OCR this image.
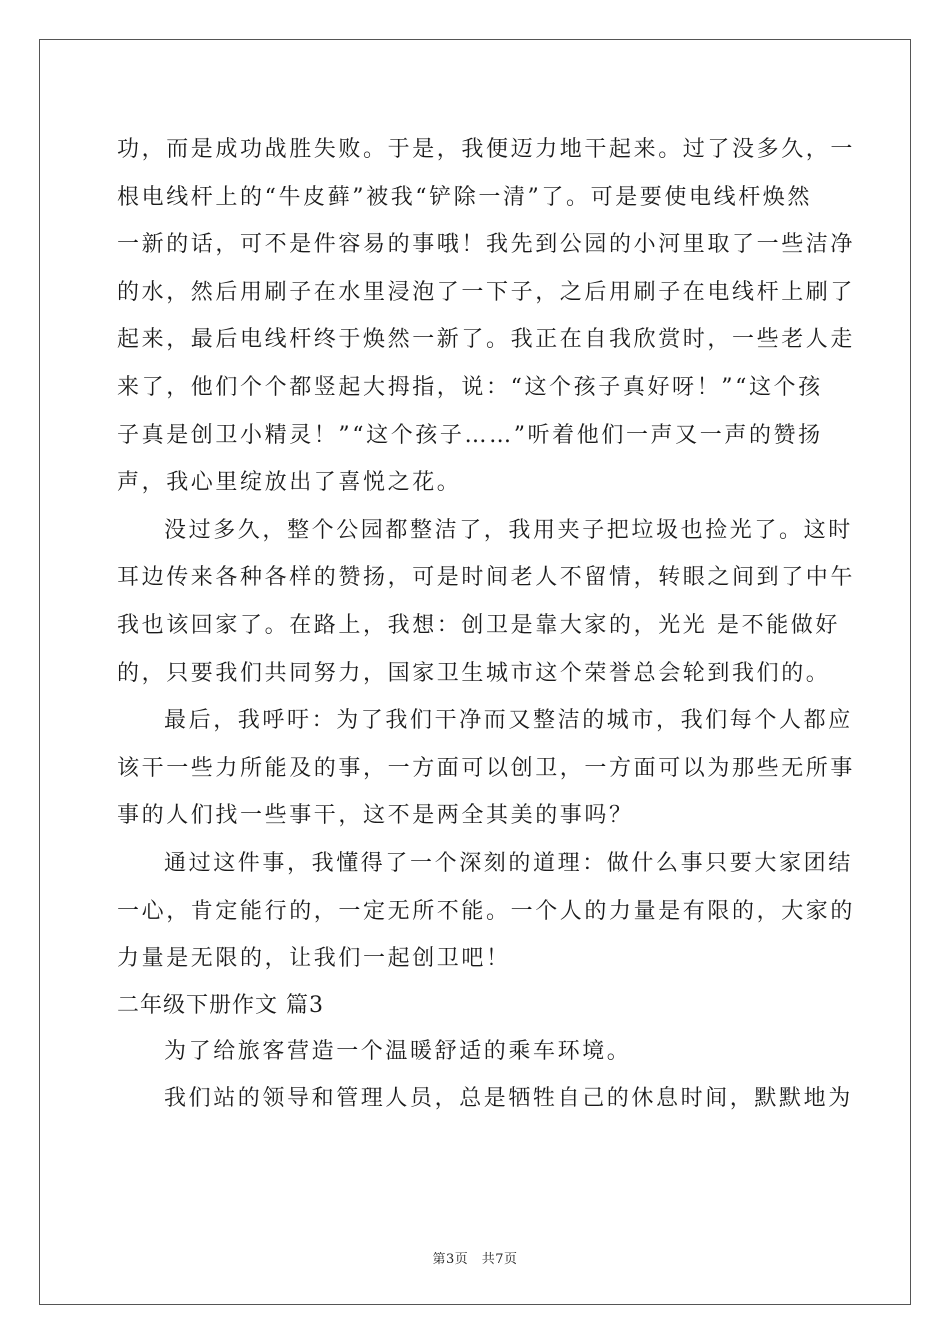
功，而是成功战胜失败。于是，我便迈力地干起来。过了没多久，一
根电线杆上的“牛皮藓”被我“铲除一清”了。可是要使电线杆焕然
一新的话，可不是件容易的事哦！我先到公园的小河里取了一些洁净
的水，然后用刷子在水里浸泡了一下子，之后用刷子在电线杆上刷了
起来，最后电线杆终于焕然一新了。我正在自我欣赏时，一些老人走
来了，他们个个都竖起大拇指，说：“这个孩子真好呀！”“这个孩
子真是创卫小精灵！”“这个孩子……”听着他们一声又一声的赞扬
声，我心里绽放出了喜悦之花。
没过多久，整个公园都整洁了，我用夹子把垃圾也捡光了。这时
耳边传来各种各样的赞扬，可是时间老人不留情，转眼之间到了中午
我也该回家了。在路上，我想：创卫是靠大家的，光光 是不能做好
的，只要我们共同努力，国家卫生城市这个荣誉总会轮到我们的。
最后，我呼吁：为了我们干净而又整洁的城市，我们每个人都应
该干一些力所能及的事，一方面可以创卫，一方面可以为那些无所事
事的人们找一些事干，这不是两全其美的事吗？
通过这件事，我懂得了一个深刻的道理：做什么事只要大家团结
一心，肯定能行的，一定无所不能。一个人的力量是有限的，大家的
力量是无限的，让我们一起创卫吧！
二年级下册作文 篇3
为了给旅客营造一个温暖舒适的乘车环境。
我们站的领导和管理人员，总是牺牲自己的休息时间，默默地为
第3页　共7页
